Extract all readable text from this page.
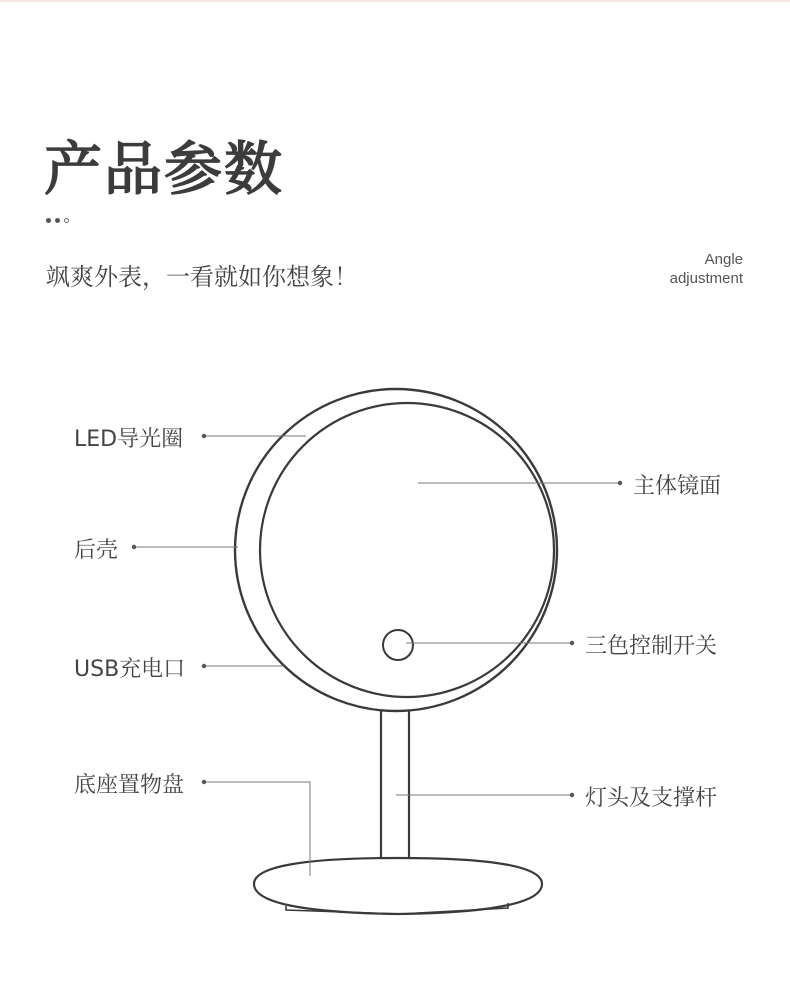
产品参数
飒爽外表，一看就如你想象！
Angle
adjustment
LED导光圈
后壳
USB充电口
底座置物盘
主体镜面
三色控制开关
灯头及支撑杆
